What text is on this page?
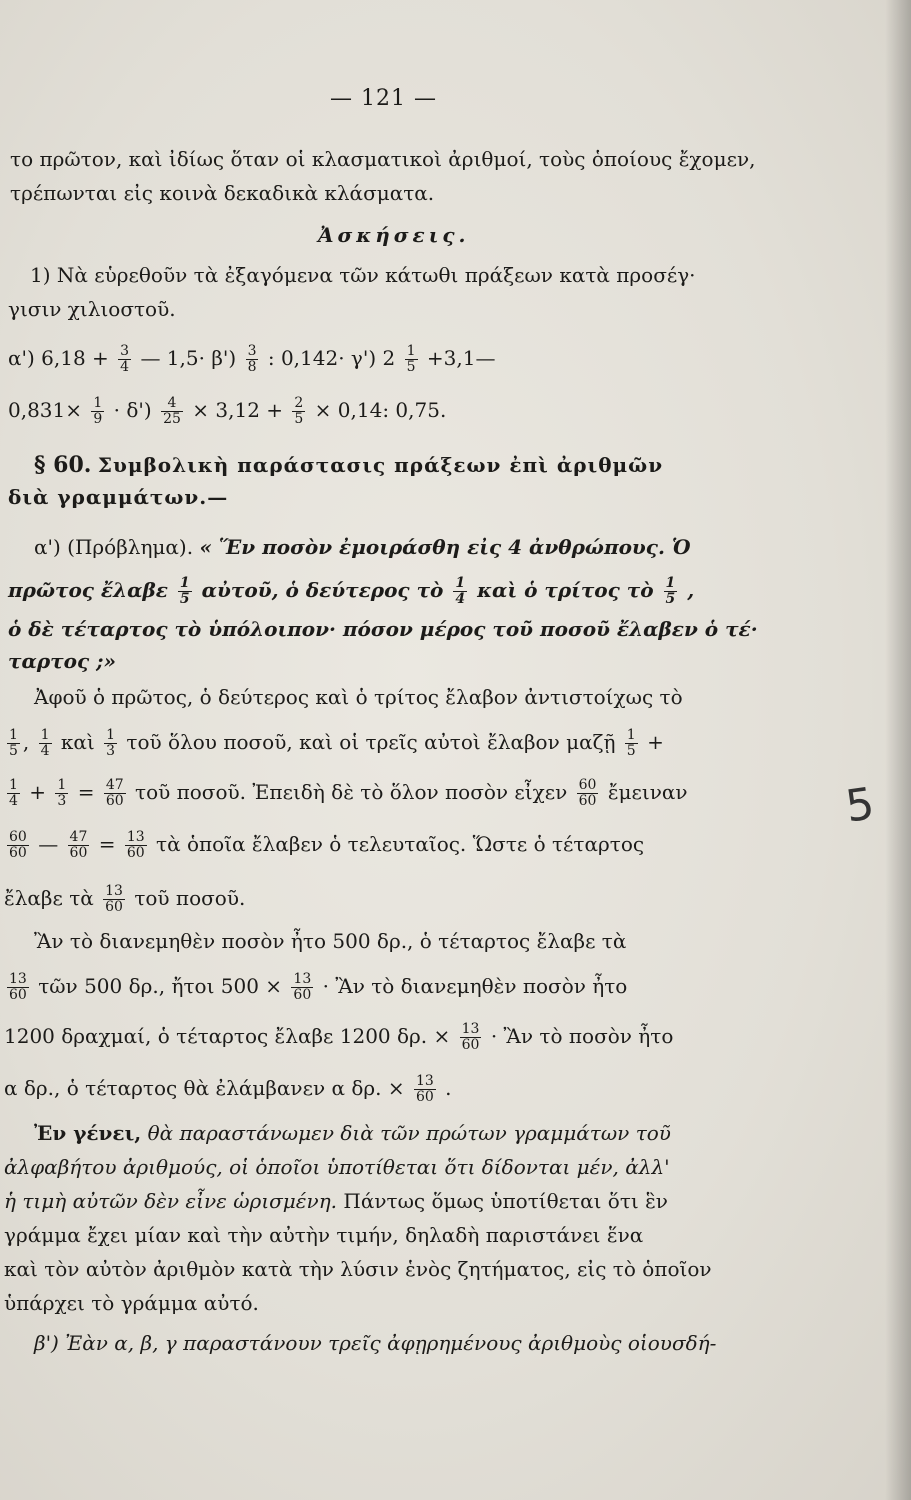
— 121 —
το πρῶτον, καὶ ἰδίως ὅταν οἱ κλασματικοὶ ἀριθμοί, τοὺς ὁποίους ἔχομεν,
τρέπωνται εἰς κοινὰ δεκαδικὰ κλάσματα.
Ἀσκήσεις.
1) Νὰ εὑρεθοῦν τὰ ἐξαγόμενα τῶν κάτωθι πράξεων κατὰ προσέγ·
γισιν χιλιοστοῦ.
α') $6,18 + \frac{3}{4}$ — $1,5\cdot \beta') \frac{3}{8}$ : 0,142· γ') $2 \frac{1}{5}$ +3,1—
$0,831\times \frac{1}{9} \cdot \delta') \frac{4}{25} \times 3,12 + \frac{2}{5} \times 0,14$: 0,75.
§ 60. Συμβολικὴ παράστασις πράξεων ἐπὶ ἀριθμῶν
διὰ γραμμάτων.—
α') (Πρόβλημα). « Ἕν ποσὸν ἐμοιράσθη εἰς 4 ἀνθρώπους. Ὁ
πρῶτος ἔλαβε $\frac{1}{5}$ αὐτοῦ, ὁ δεύτερος τὸ $\frac{1}{4}$ καὶ ὁ τρίτος τὸ $\frac{1}{5}$ ,
ὁ δὲ τέταρτος τὸ ὑπόλοιπον· πόσον μέρος τοῦ ποσοῦ ἔλαβεν ὁ τέ·
ταρτος ;»
Ἀφοῦ ὁ πρῶτος, ὁ δεύτερος καὶ ὁ τρίτος ἔλαβον ἀντιστοίχως τὸ
$\frac{1}{5}$ , $\frac{1}{4}$ καὶ $\frac{1}{3}$ τοῦ ὅλου ποσοῦ, καὶ οἱ τρεῖς αὐτοὶ ἔλαβον μαζῇ $\frac{1}{5}$ +
$\frac{1}{4} + \frac{1}{3} = \frac{47}{60}$ τοῦ ποσοῦ. Ἐπειδὴ δὲ τὸ ὅλον ποσὸν εἶχεν $\frac{60}{60}$ ἔμειναν
$\frac{60}{60}$ — $\frac{47}{60} = \frac{13}{60}$ τὰ ὁποῖα ἔλαβεν ὁ τελευταῖος. Ὥστε ὁ τέταρτος
ἔλαβε τὰ $\frac{13}{60}$ τοῦ ποσοῦ.
Ἂν τὸ διανεμηθὲν ποσὸν ἦτο 500 δρ., ὁ τέταρτος ἔλαβε τὰ
$\frac{13}{60}$ τῶν 500 δρ., ἤτοι $500 \times \frac{13}{60}$ · Ἂν τὸ διανεμηθὲν ποσὸν ἦτο
1200 δραχμαί, ὁ τέταρτος ἔλαβε 1200 δρ. × $\frac{13}{60}$ · Ἂν τὸ ποσὸν ἦτο
α δρ., ὁ τέταρτος θὰ ἐλάμβανεν α δρ. × $\frac{13}{60}$ .
Ἐν γένει, θὰ παραστάνωμεν διὰ τῶν πρώτων γραμμάτων τοῦ
ἀλφαβήτου ἀριθμούς, οἱ ὁποῖοι ὑποτίθεται ὅτι δίδονται μέν, ἀλλ'
ἡ τιμὴ αὐτῶν δὲν εἶνε ὡρισμένη. Πάντως ὅμως ὑποτίθεται ὅτι ἓν
γράμμα ἔχει μίαν καὶ τὴν αὐτὴν τιμήν, δηλαδὴ παριστάνει ἕνα
καὶ τὸν αὐτὸν ἀριθμὸν κατὰ τὴν λύσιν ἑνὸς ζητήματος, εἰς τὸ ὁποῖον
ὑπάρχει τὸ γράμμα αὐτό.
β') Ἐὰν α, β, γ παραστάνουν τρεῖς ἀφῃρημένους ἀριθμοὺς οἱουσδή-
5
